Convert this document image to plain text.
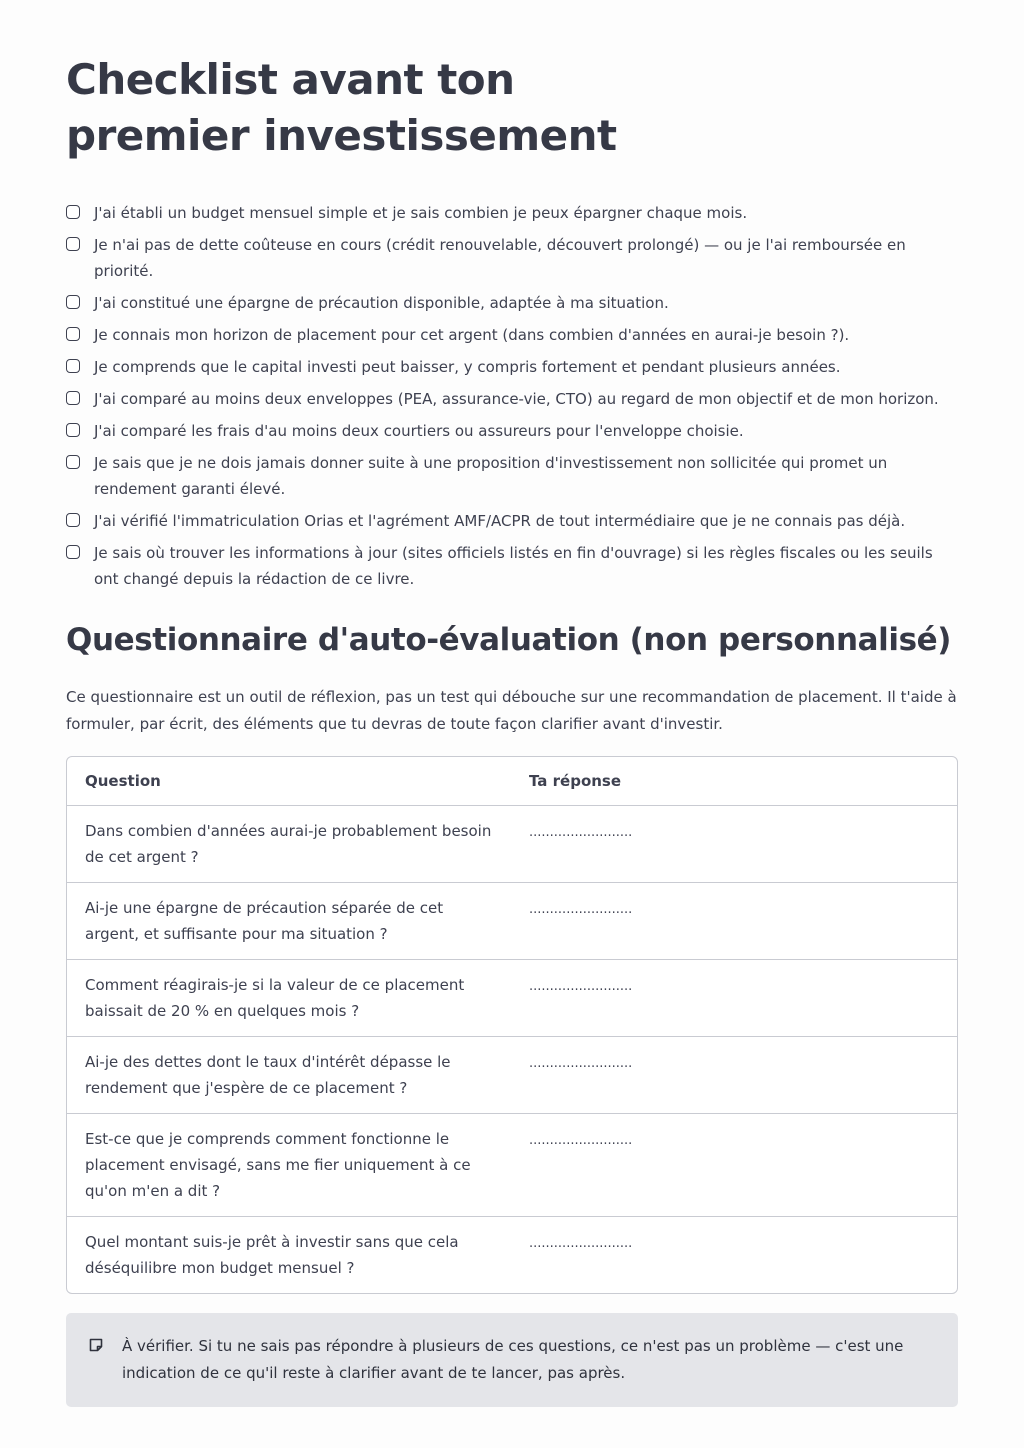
Checklist avant ton premier investissement
J'ai établi un budget mensuel simple et je sais combien je peux épargner chaque mois.
Je n'ai pas de dette coûteuse en cours (crédit renouvelable, découvert prolongé) — ou je l'ai remboursée en priorité.
J'ai constitué une épargne de précaution disponible, adaptée à ma situation.
Je connais mon horizon de placement pour cet argent (dans combien d'années en aurai-je besoin ?).
Je comprends que le capital investi peut baisser, y compris fortement et pendant plusieurs années.
J'ai comparé au moins deux enveloppes (PEA, assurance-vie, CTO) au regard de mon objectif et de mon horizon.
J'ai comparé les frais d'au moins deux courtiers ou assureurs pour l'enveloppe choisie.
Je sais que je ne dois jamais donner suite à une proposition d'investissement non sollicitée qui promet un rendement garanti élevé.
J'ai vérifié l'immatriculation Orias et l'agrément AMF/ACPR de tout intermédiaire que je ne connais pas déjà.
Je sais où trouver les informations à jour (sites officiels listés en fin d'ouvrage) si les règles fiscales ou les seuils ont changé depuis la rédaction de ce livre.
Questionnaire d'auto-évaluation (non personnalisé)

Ce questionnaire est un outil de réflexion, pas un test qui débouche sur une recommandation de placement. Il t'aide à formuler, par écrit, des éléments que tu devras de toute façon clarifier avant d'investir.

Question	Ta réponse
Dans combien d'années aurai-je probablement besoin de cet argent ?	.........................
Ai-je une épargne de précaution séparée de cet argent, et suffisante pour ma situation ?	.........................
Comment réagirais-je si la valeur de ce placement baissait de 20 % en quelques mois ?	.........................
Ai-je des dettes dont le taux d'intérêt dépasse le rendement que j'espère de ce placement ?	.........................
Est-ce que je comprends comment fonctionne le placement envisagé, sans me fier uniquement à ce qu'on m'en a dit ?	.........................
Quel montant suis-je prêt à investir sans que cela déséquilibre mon budget mensuel ?	.........................
À vérifier. Si tu ne sais pas répondre à plusieurs de ces questions, ce n'est pas un problème — c'est une indication de ce qu'il reste à clarifier avant de te lancer, pas après.
